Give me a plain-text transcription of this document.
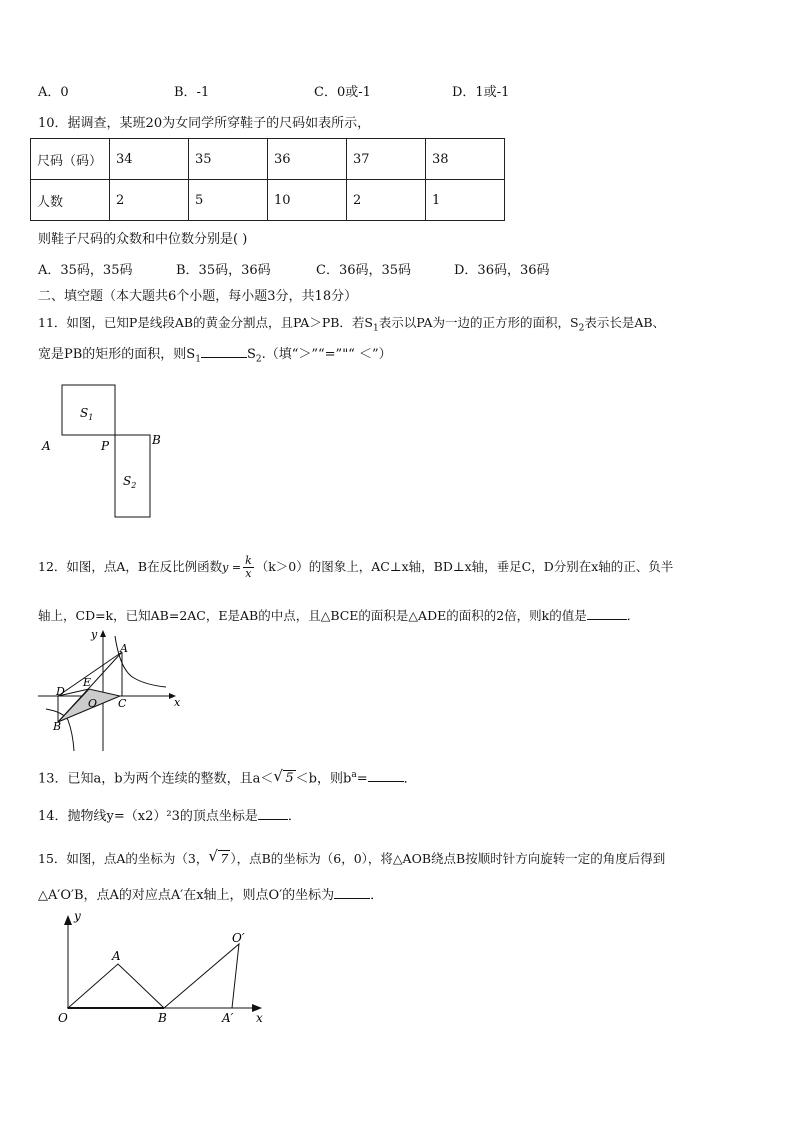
A．0	B．-1	C．0或-1	D．1或-1
10．据调查，某班20为女同学所穿鞋子的尺码如表所示，
尺码（码）	34	35	36	37	38
人数	2	5	10	2	1
则鞋子尺码的众数和中位数分别是( )
A．35码，35码	B．35码，36码	C．36码，35码	D．36码，36码
二、填空题（本大题共6个小题，每小题3分，共18分）
11．如图，已知P是线段AB的黄金分割点，且PA＞PB．若$S_1$表示以PA为一边的正方形的面积，$S_2$表示长是AB、
宽是PB的矩形的面积，则$S_1$	$S_2$.（填“＞”“=”"“ ＜”）
$S_1$
$S_2$
A	P	B
12．如图，点A，B在反比例函数$y = \frac{k}{x} (k>0)$的图象上，AC⊥x轴，BD⊥x轴，垂足C，D分别在x轴的正、负半
轴上，CD=k，已知AB=2AC，E是AB的中点，且△BCE的面积是△ADE的面积的2倍，则k的值是	．
y
x
A
E
D
O C
B
13．已知a，b为两个连续的整数，且a＜ √ 5 ＜b，则$b^a=$	．
14．抛物线y=（x2）²3的顶点坐标是 ．
15．如图，点A的坐标为（3， √ 7 ），点B的坐标为（6，0），将△AOB绕点B按顺时针方向旋转一定的角度后得到
△A′O′B，点A的对应点A′在x轴上，则点O′的坐标为	．
y
x
O
A
B	A′
O′
